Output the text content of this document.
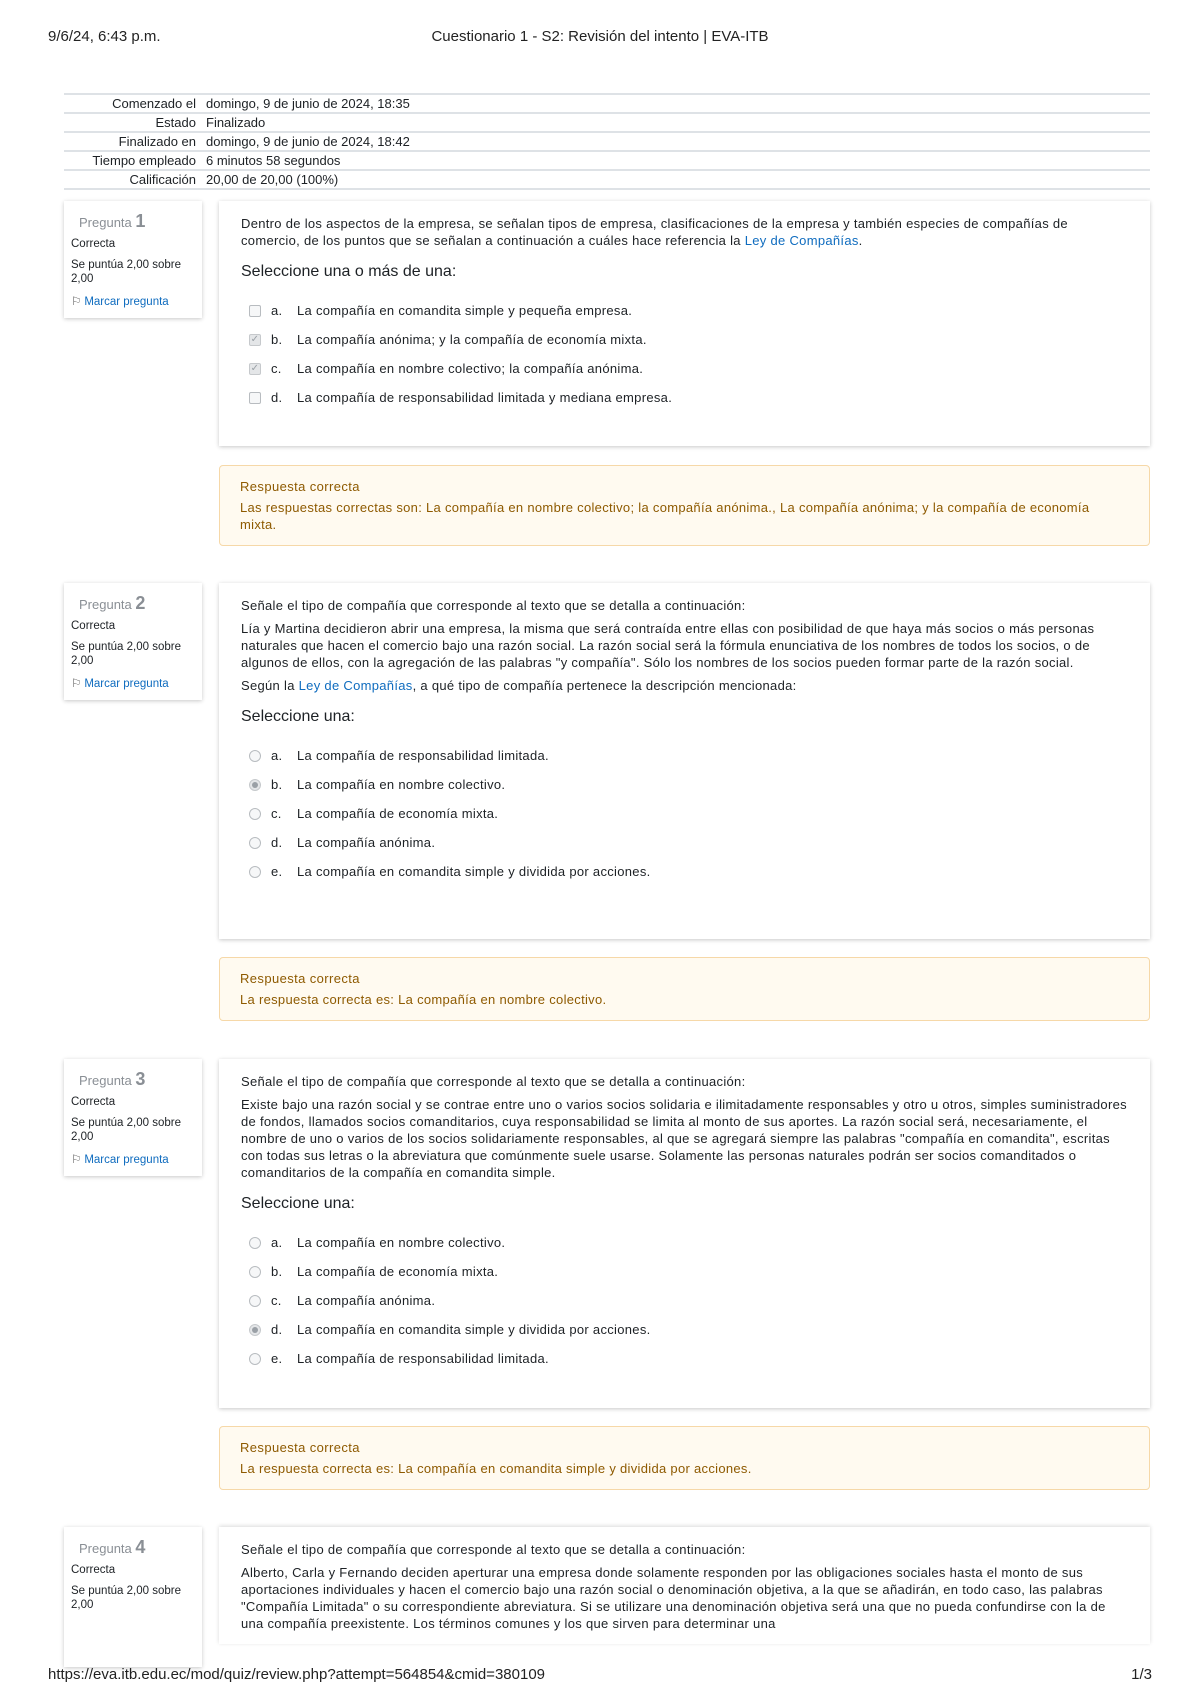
9/6/24, 6:43 p.m.	Cuestionario 1 - S2: Revisión del intento | EVA-ITB
Comenzado el	domingo, 9 de junio de 2024, 18:35
Estado	Finalizado
Finalizado en	domingo, 9 de junio de 2024, 18:42
Tiempo empleado	6 minutos 58 segundos
Calificación	20,00 de 20,00 (100%)
Pregunta 1
Correcta
Se puntúa 2,00 sobre 2,00
⚐ Marcar pregunta

Dentro de los aspectos de la empresa, se señalan tipos de empresa, clasificaciones de la empresa y también especies de compañías de comercio, de los puntos que se señalan a continuación a cuáles hace referencia la Ley de Compañías.

Seleccione una o más de una:
a.	La compañía en comandita simple y pequeña empresa.
✓
b.	La compañía anónima; y la compañía de economía mixta.
✓
c.	La compañía en nombre colectivo; la compañía anónima.
d.	La compañía de responsabilidad limitada y mediana empresa.
Respuesta correcta
Las respuestas correctas son: La compañía en nombre colectivo; la compañía anónima., La compañía anónima; y la compañía de economía mixta.
Pregunta 2
Correcta
Se puntúa 2,00 sobre 2,00
⚐ Marcar pregunta

Señale el tipo de compañía que corresponde al texto que se detalla a continuación:

Lía y Martina decidieron abrir una empresa, la misma que será contraída entre ellas con posibilidad de que haya más socios o más personas naturales que hacen el comercio bajo una razón social. La razón social será la fórmula enunciativa de los nombres de todos los socios, o de algunos de ellos, con la agregación de las palabras "y compañía". Sólo los nombres de los socios pueden formar parte de la razón social.

Según la Ley de Compañías, a qué tipo de compañía pertenece la descripción mencionada:

Seleccione una:
a.	La compañía de responsabilidad limitada.
b.	La compañía en nombre colectivo.
c.	La compañía de economía mixta.
d.	La compañía anónima.
e.	La compañía en comandita simple y dividida por acciones.
Respuesta correcta
La respuesta correcta es: La compañía en nombre colectivo.
Pregunta 3
Correcta
Se puntúa 2,00 sobre 2,00
⚐ Marcar pregunta

Señale el tipo de compañía que corresponde al texto que se detalla a continuación:

Existe bajo una razón social y se contrae entre uno o varios socios solidaria e ilimitadamente responsables y otro u otros, simples suministradores de fondos, llamados socios comanditarios, cuya responsabilidad se limita al monto de sus aportes. La razón social será, necesariamente, el nombre de uno o varios de los socios solidariamente responsables, al que se agregará siempre las palabras "compañía en comandita", escritas con todas sus letras o la abreviatura que comúnmente suele usarse. Solamente las personas naturales podrán ser socios comanditados o comanditarios de la compañía en comandita simple.

Seleccione una:
a.	La compañía en nombre colectivo.
b.	La compañía de economía mixta.
c.	La compañía anónima.
d.	La compañía en comandita simple y dividida por acciones.
e.	La compañía de responsabilidad limitada.
Respuesta correcta
La respuesta correcta es: La compañía en comandita simple y dividida por acciones.
Pregunta 4
Correcta
Se puntúa 2,00 sobre 2,00

Señale el tipo de compañía que corresponde al texto que se detalla a continuación:

Alberto, Carla y Fernando deciden aperturar una empresa donde solamente responden por las obligaciones sociales hasta el monto de sus aportaciones individuales y hacen el comercio bajo una razón social o denominación objetiva, a la que se añadirán, en todo caso, las palabras "Compañía Limitada" o su correspondiente abreviatura. Si se utilizare una denominación objetiva será una que no pueda confundirse con la de una compañía preexistente. Los términos comunes y los que sirven para determinar una

https://eva.itb.edu.ec/mod/quiz/review.php?attempt=564854&cmid=380109	1/3
